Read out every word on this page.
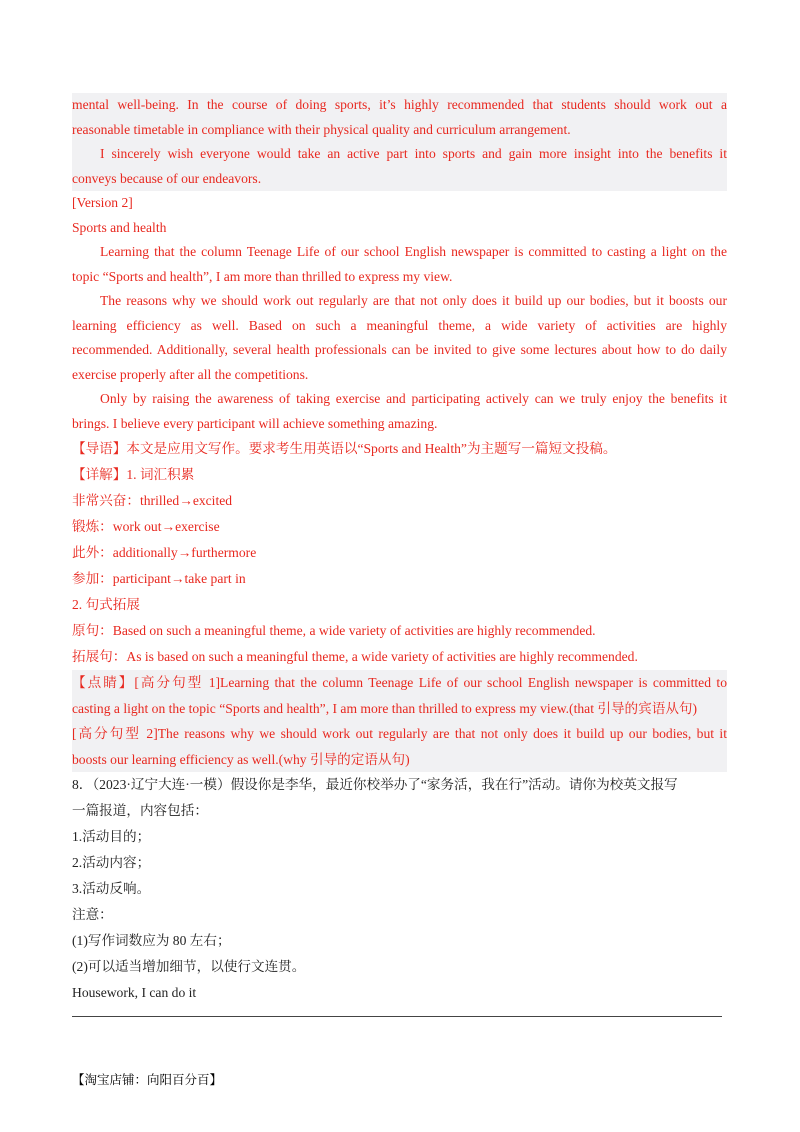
mental well-being. In the course of doing sports, it’s highly recommended that students should work out a
reasonable timetable in compliance with their physical quality and curriculum arrangement.
I sincerely wish everyone would take an active part into sports and gain more insight into the benefits it
conveys because of our endeavors.
[Version 2]
Sports and health
Learning that the column Teenage Life of our school English newspaper is committed to casting a light on the
topic “Sports and health”, I am more than thrilled to express my view.
The reasons why we should work out regularly are that not only does it build up our bodies, but it boosts our
learning efficiency as well. Based on such a meaningful theme, a wide variety of activities are highly
recommended. Additionally, several health professionals can be invited to give some lectures about how to do daily
exercise properly after all the competitions.
Only by raising the awareness of taking exercise and participating actively can we truly enjoy the benefits it
brings. I believe every participant will achieve something amazing.
【导语】本文是应用文写作。要求考生用英语以“Sports and Health”为主题写一篇短文投稿。
【详解】1. 词汇积累
非常兴奋：thrilled→excited
锻炼：work out→exercise
此外：additionally→furthermore
参加：participant→take part in
2. 句式拓展
原句：Based on such a meaningful theme, a wide variety of activities are highly recommended.
拓展句：As is based on such a meaningful theme, a wide variety of activities are highly recommended.
【点睛】[高分句型 1]Learning that the column Teenage Life of our school English newspaper is committed to
casting a light on the topic “Sports and health”, I am more than thrilled to express my view.(that 引导的宾语从句)
[高分句型 2]The reasons why we should work out regularly are that not only does it build up our bodies, but it
boosts our learning efficiency as well.(why 引导的定语从句)
8．（2023·辽宁大连·一模）假设你是李华，最近你校举办了“家务活，我在行”活动。请你为校英文报写
一篇报道，内容包括：
1.活动目的；
2.活动内容；
3.活动反响。
注意：
(1)写作词数应为 80 左右；
(2)可以适当增加细节，以使行文连贯。
Housework, I can do it
【淘宝店铺：向阳百分百】
